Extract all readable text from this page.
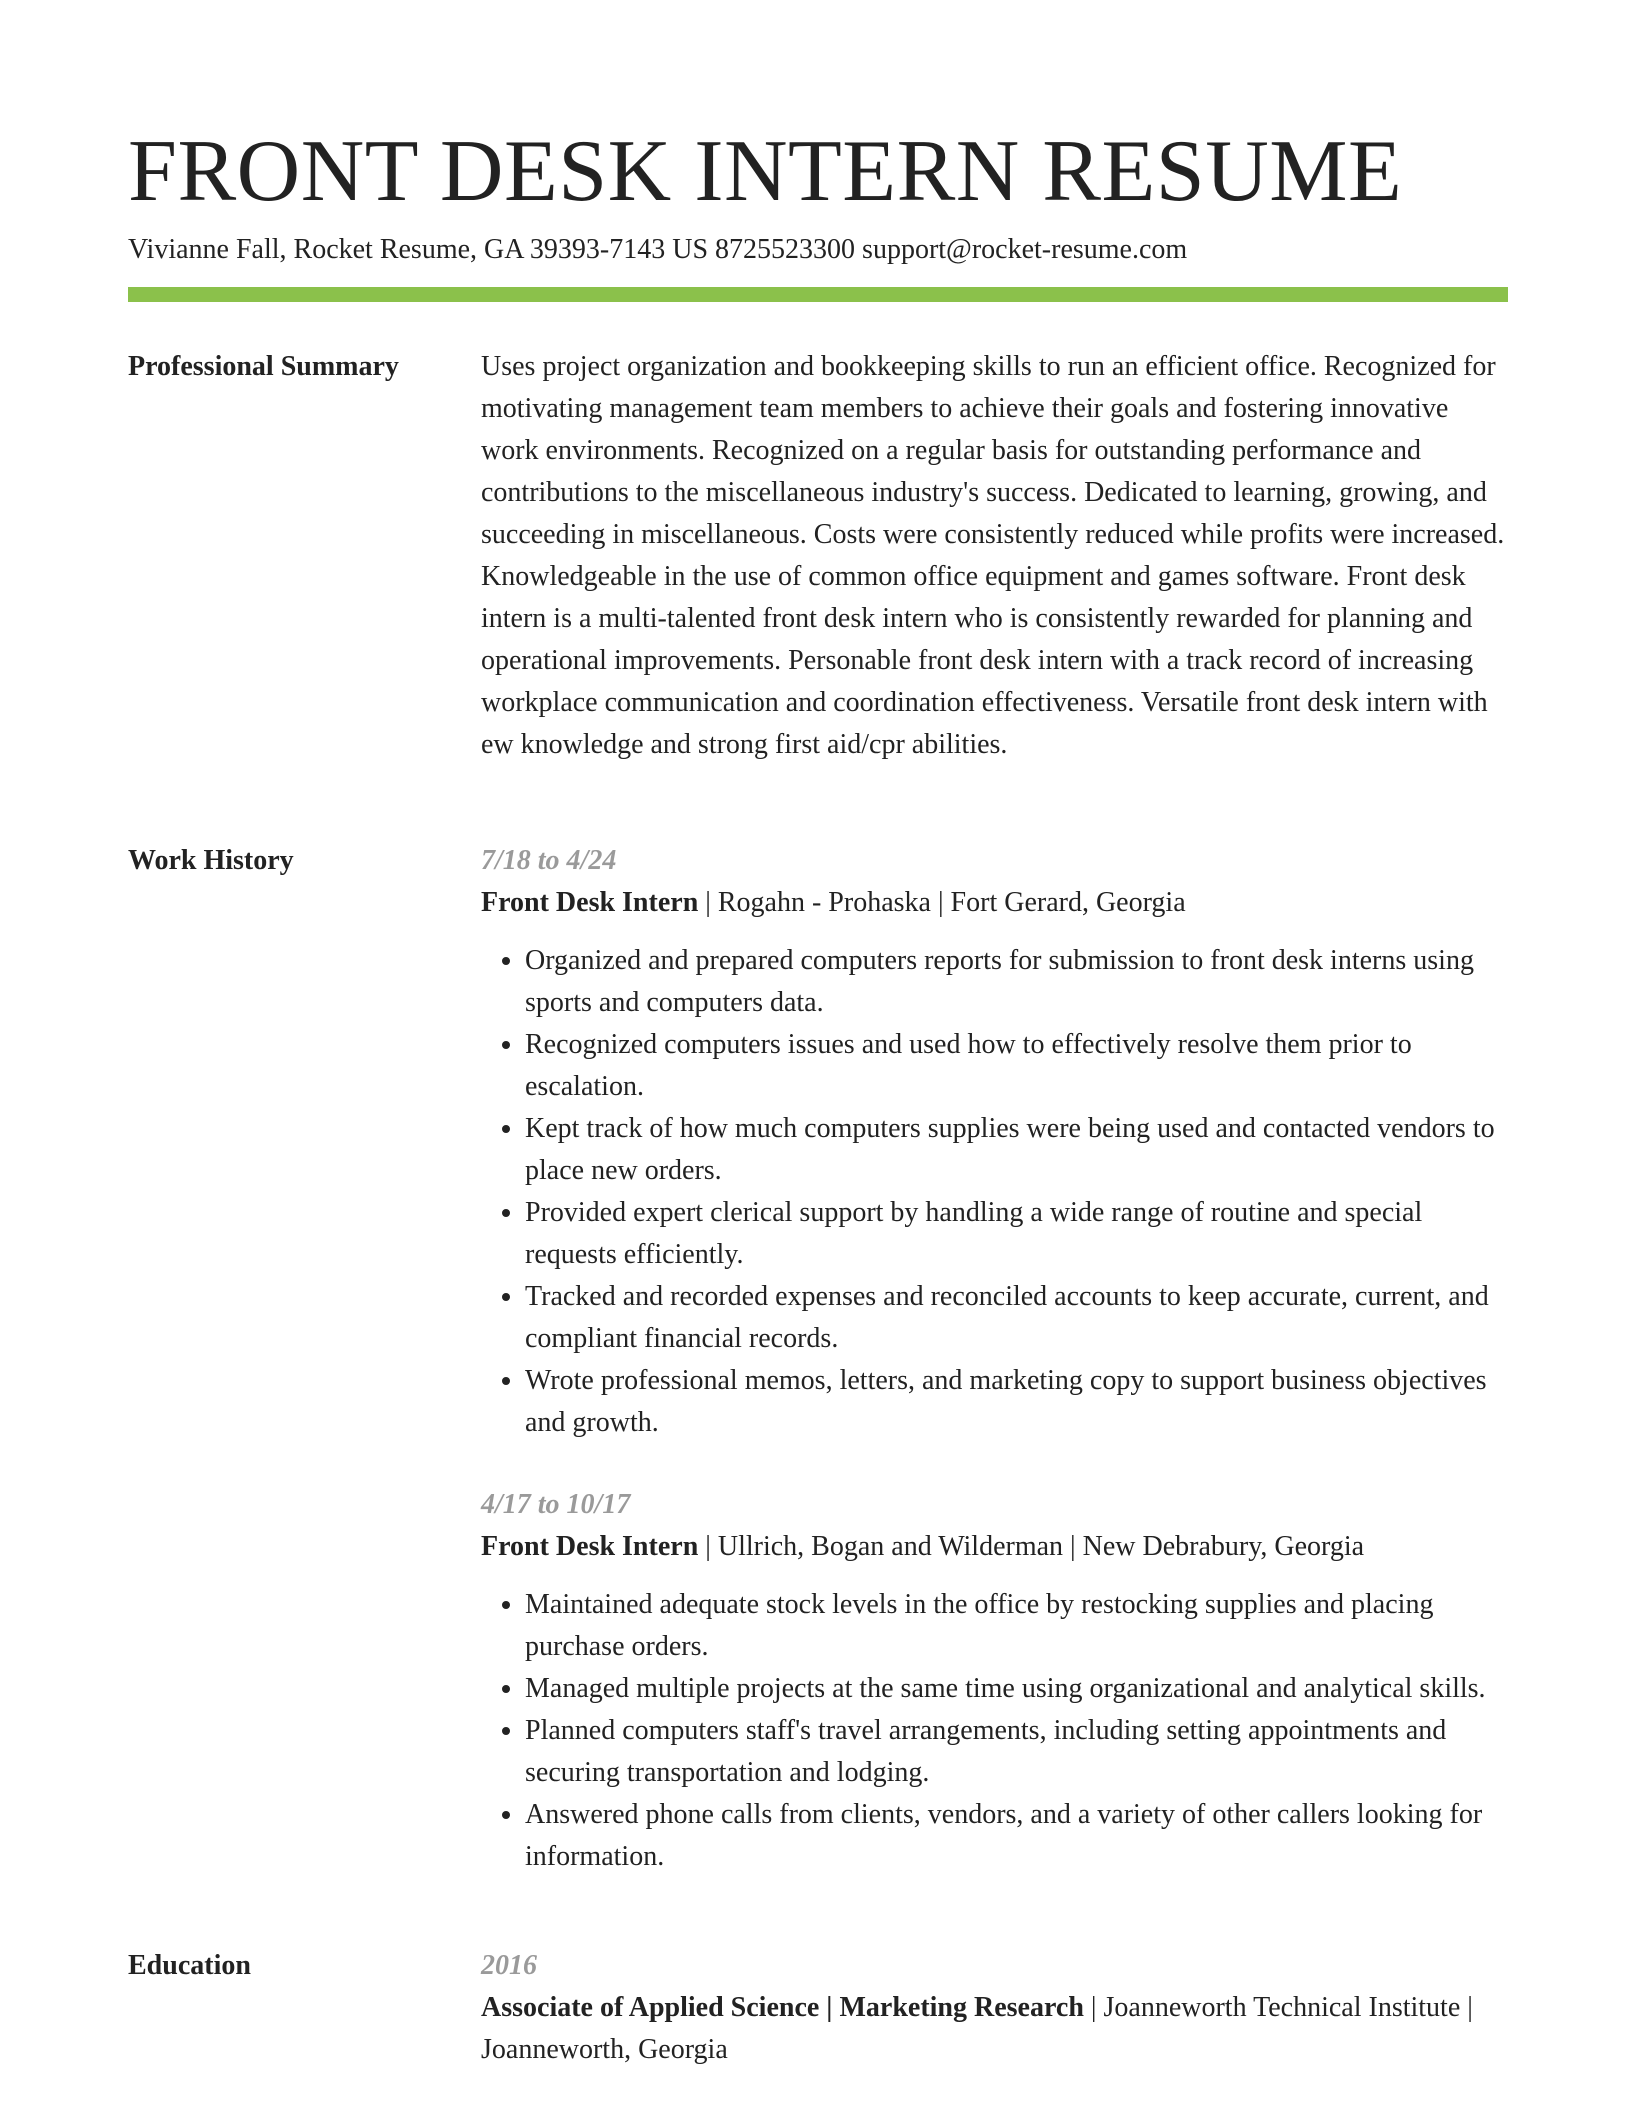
FRONT DESK INTERN RESUME
Vivianne Fall, Rocket Resume, GA 39393-7143 US 8725523300 support@rocket-resume.com
Professional Summary	Uses project organization and bookkeeping skills to run an efficient office. Recognized for motivating management team members to achieve their goals and fostering innovative work environments. Recognized on a regular basis for outstanding performance and contributions to the miscellaneous industry's success. Dedicated to learning, growing, and succeeding in miscellaneous. Costs were consistently reduced while profits were increased. Knowledgeable in the use of common office equipment and games software. Front desk intern is a multi-talented front desk intern who is consistently rewarded for planning and operational improvements. Personable front desk intern with a track record of increasing workplace communication and coordination effectiveness. Versatile front desk intern with ew knowledge and strong first aid/cpr abilities.

Work History	7/18 to 4/24
Front Desk Intern | Rogahn - Prohaska | Fort Gerard, Georgia
• Organized and prepared computers reports for submission to front desk interns using sports and computers data.
• Recognized computers issues and used how to effectively resolve them prior to escalation.
• Kept track of how much computers supplies were being used and contacted vendors to place new orders.
• Provided expert clerical support by handling a wide range of routine and special requests efficiently.
• Tracked and recorded expenses and reconciled accounts to keep accurate, current, and compliant financial records.
• Wrote professional memos, letters, and marketing copy to support business objectives and growth.
4/17 to 10/17
Front Desk Intern | Ullrich, Bogan and Wilderman | New Debrabury, Georgia
• Maintained adequate stock levels in the office by restocking supplies and placing purchase orders.
• Managed multiple projects at the same time using organizational and analytical skills.
• Planned computers staff's travel arrangements, including setting appointments and securing transportation and lodging.
• Answered phone calls from clients, vendors, and a variety of other callers looking for information.
Education	2016
Associate of Applied Science | Marketing Research | Joanneworth Technical Institute | Joanneworth, Georgia
